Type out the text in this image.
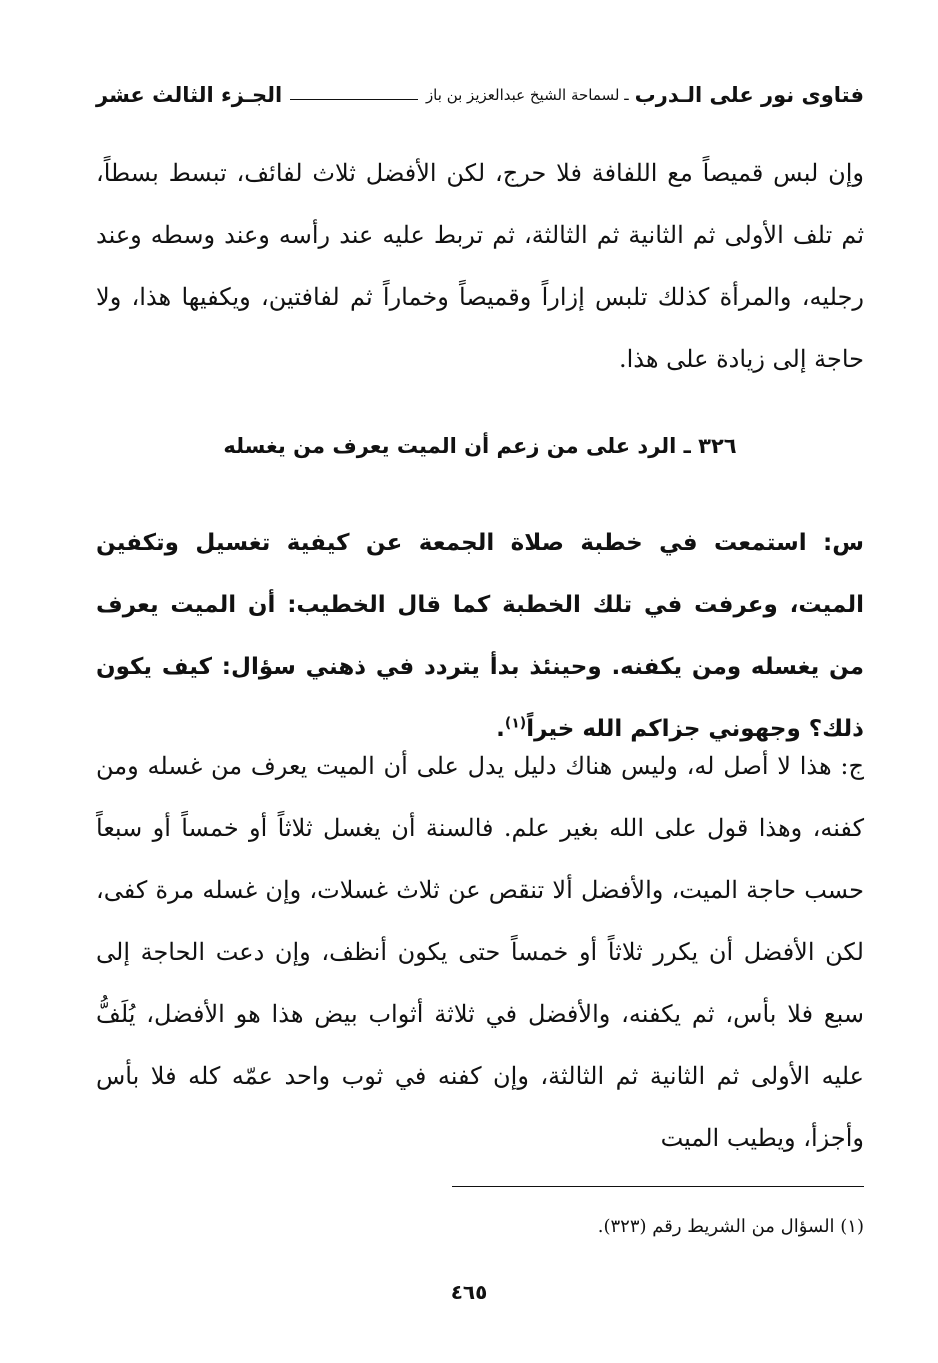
فتاوى نور على الـدرب
ـ لسماحة الشيخ عبدالعزيز بن باز
الجـزء الثالث عشر

وإن لبس قميصاً مع اللفافة فلا حرج، لكن الأفضل ثلاث لفائف، تبسط بسطاً، ثم تلف الأولى ثم الثانية ثم الثالثة، ثم تربط عليه عند رأسه وعند وسطه وعند رجليه، والمرأة كذلك تلبس إزاراً وقميصاً وخماراً ثم لفافتين، ويكفيها هذا، ولا حاجة إلى زيادة على هذا.

٣٢٦ ـ الرد على من زعم أن الميت يعرف من يغسله

س: استمعت في خطبة صلاة الجمعة عن كيفية تغسيل وتكفين الميت، وعرفت في تلك الخطبة كما قال الخطيب: أن الميت يعرف من يغسله ومن يكفنه. وحينئذ بدأ يتردد في ذهني سؤال: كيف يكون ذلك؟ وجهوني جزاكم الله خيراً$^{(١)}$.

ج: هذا لا أصل له، وليس هناك دليل يدل على أن الميت يعرف من غسله ومن كفنه، وهذا قول على الله بغير علم. فالسنة أن يغسل ثلاثاً أو خمساً أو سبعاً حسب حاجة الميت، والأفضل ألا تنقص عن ثلاث غسلات، وإن غسله مرة كفى، لكن الأفضل أن يكرر ثلاثاً أو خمساً حتى يكون أنظف، وإن دعت الحاجة إلى سبع فلا بأس، ثم يكفنه، والأفضل في ثلاثة أثواب بيض هذا هو الأفضل، يُلَفُّ عليه الأولى ثم الثانية ثم الثالثة، وإن كفنه في ثوب واحد عمّه كله فلا بأس وأجزأ، ويطيب الميت

(١) السؤال من الشريط رقم (٣٢٣).
٤٦٥
